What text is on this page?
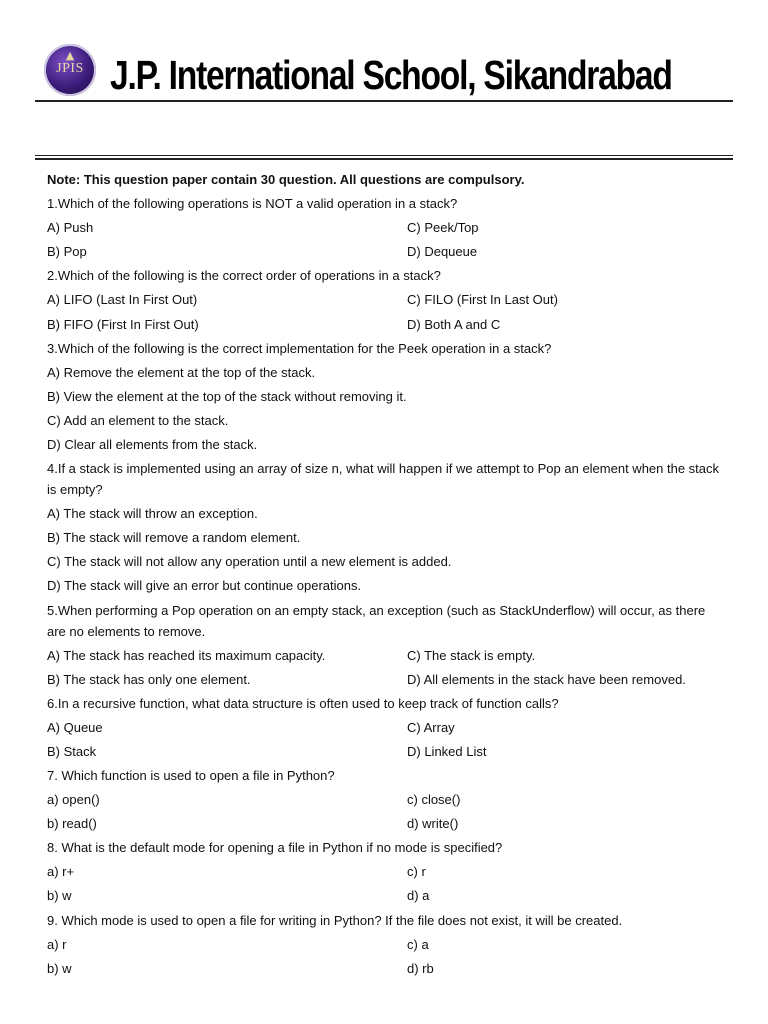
▲
JPIS J.P. International School, Sikandrabad
Note: This question paper contain 30 question. All questions are compulsory.
1.Which of the following operations is NOT a valid operation in a stack?
A) Push	C) Peek/Top
B) Pop	D) Dequeue
2.Which of the following is the correct order of operations in a stack?
A) LIFO (Last In First Out)	C) FILO (First In Last Out)
B) FIFO (First In First Out)	D) Both A and C
3.Which of the following is the correct implementation for the Peek operation in a stack?
A) Remove the element at the top of the stack.
B) View the element at the top of the stack without removing it.
C) Add an element to the stack.
D) Clear all elements from the stack.
4.If a stack is implemented using an array of size n, what will happen if we attempt to Pop an element when the stack is empty?
A) The stack will throw an exception.
B) The stack will remove a random element.
C) The stack will not allow any operation until a new element is added.
D) The stack will give an error but continue operations.
5.When performing a Pop operation on an empty stack, an exception (such as StackUnderflow) will occur, as there are no elements to remove.
A) The stack has reached its maximum capacity.	C) The stack is empty.
B) The stack has only one element.	D) All elements in the stack have been removed.
6.In a recursive function, what data structure is often used to keep track of function calls?
A) Queue	C) Array
B) Stack	D) Linked List
7. Which function is used to open a file in Python?
a) open()	c) close()
b) read()	d) write()
8. What is the default mode for opening a file in Python if no mode is specified?
a) r+	c) r
b) w	d) a
9. Which mode is used to open a file for writing in Python? If the file does not exist, it will be created.
a) r	c) a
b) w	d) rb
